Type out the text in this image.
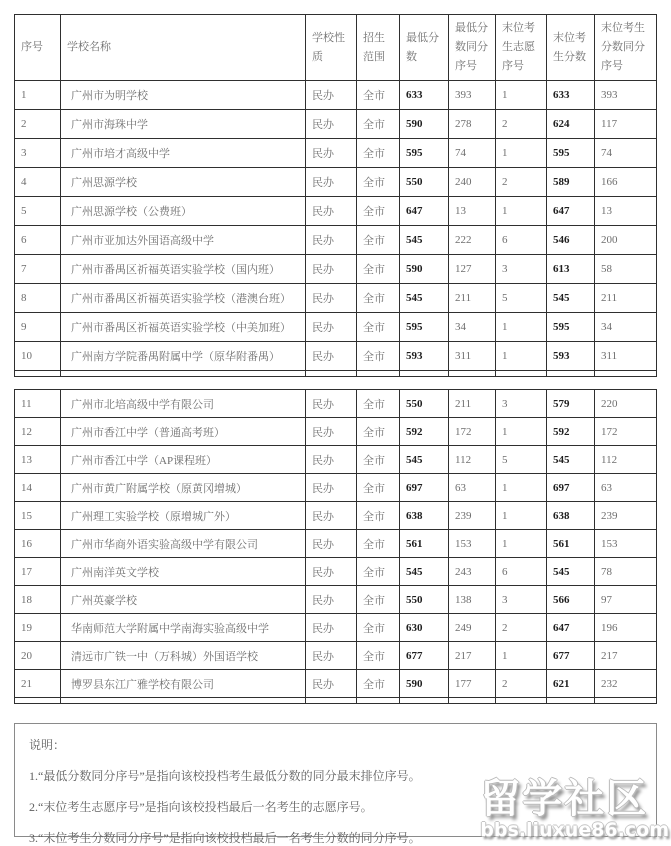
序号	学校名称	学校性质	招生范围	最低分数	最低分数同分序号	末位考生志愿序号	末位考生分数	末位考生分数同分序号
1	广州市为明学校	民办	全市	633	393	1	633	393
2	广州市海珠中学	民办	全市	590	278	2	624	117
3	广州市培才高级中学	民办	全市	595	74	1	595	74
4	广州思源学校	民办	全市	550	240	2	589	166
5	广州思源学校（公费班）	民办	全市	647	13	1	647	13
6	广州市亚加达外国语高级中学	民办	全市	545	222	6	546	200
7	广州市番禺区祈福英语实验学校（国内班）	民办	全市	590	127	3	613	58
8	广州市番禺区祈福英语实验学校（港澳台班）	民办	全市	545	211	5	545	211
9	广州市番禺区祈福英语实验学校（中美加班）	民办	全市	595	34	1	595	34
10	广州南方学院番禺附属中学（原华附番禺）	民办	全市	593	311	1	593	311

11	广州市北培高级中学有限公司	民办	全市	550	211	3	579	220
12	广州市香江中学（普通高考班）	民办	全市	592	172	1	592	172
13	广州市香江中学（AP课程班）	民办	全市	545	112	5	545	112
14	广州市黄广附属学校（原黄冈增城）	民办	全市	697	63	1	697	63
15	广州理工实验学校（原增城广外）	民办	全市	638	239	1	638	239
16	广州市华商外语实验高级中学有限公司	民办	全市	561	153	1	561	153
17	广州南洋英文学校	民办	全市	545	243	6	545	78
18	广州英豪学校	民办	全市	550	138	3	566	97
19	华南师范大学附属中学南海实验高级中学	民办	全市	630	249	2	647	196
20	清远市广铁一中（万科城）外国语学校	民办	全市	677	217	1	677	217
21	博罗县东江广雅学校有限公司	民办	全市	590	177	2	621	232

说明：
1.“最低分数同分序号”是指向该校投档考生最低分数的同分最末排位序号。
2.“末位考生志愿序号”是指向该校投档最后一名考生的志愿序号。
3.“末位考生分数同分序号”是指向该校投档最后一名考生分数的同分序号。
留学社区
bbs.liuxue86.com
